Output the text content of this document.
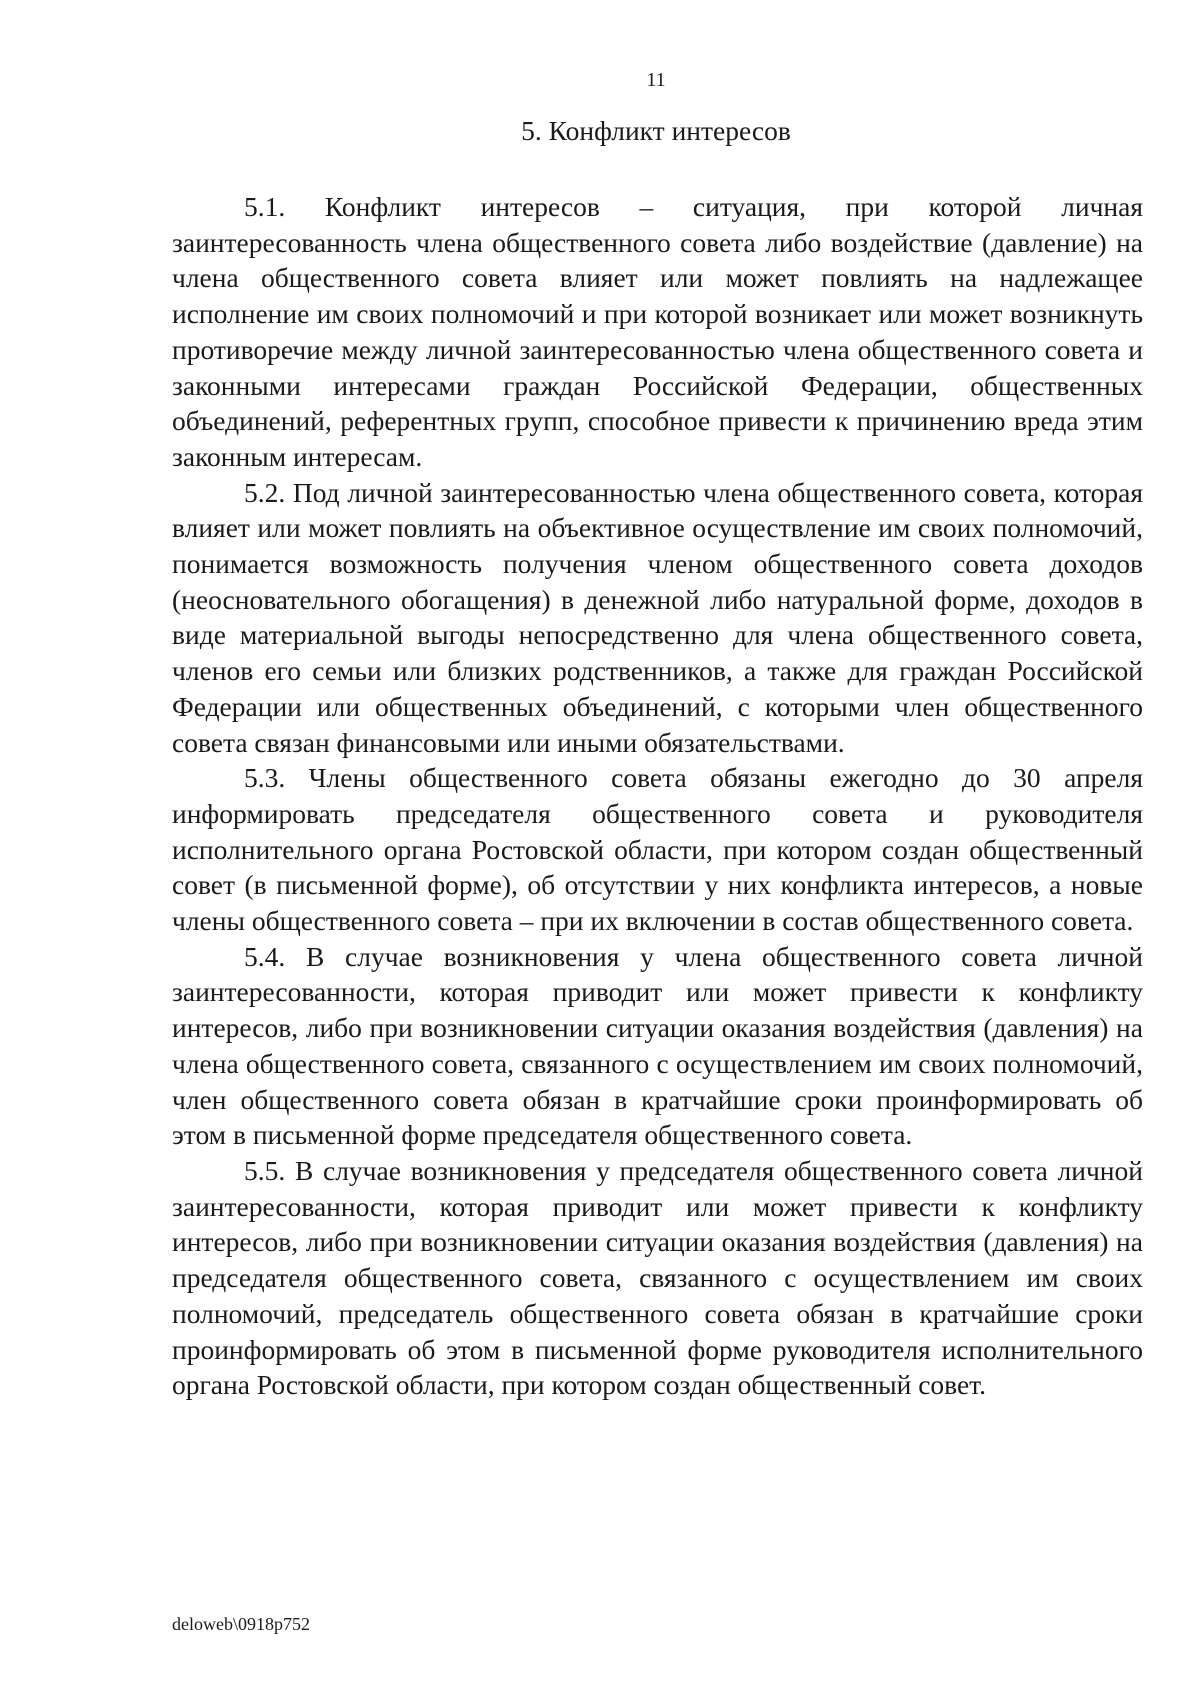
11
5. Конфликт интересов

5.1. Конфликт интересов – ситуация, при которой личная заинтересованность члена общественного совета либо воздействие (давление) на члена общественного совета влияет или может повлиять на надлежащее исполнение им своих полномочий и при которой возникает или может возникнуть противоречие между личной заинтересованностью члена общественного совета и законными интересами граждан Российской Федерации, общественных объединений, референтных групп, способное привести к причинению вреда этим законным интересам.

5.2. Под личной заинтересованностью члена общественного совета, которая влияет или может повлиять на объективное осуществление им своих полномочий, понимается возможность получения членом общественного совета доходов (неосновательного обогащения) в денежной либо натуральной форме, доходов в виде материальной выгоды непосредственно для члена общественного совета, членов его семьи или близких родственников, а также для граждан Российской Федерации или общественных объединений, с которыми член общественного совета связан финансовыми или иными обязательствами.

5.3. Члены общественного совета обязаны ежегодно до 30 апреля информировать председателя общественного совета и руководителя исполнительного органа Ростовской области, при котором создан общественный совет (в письменной форме), об отсутствии у них конфликта интересов, а новые члены общественного совета – при их включении в состав общественного совета.

5.4. В случае возникновения у члена общественного совета личной заинтересованности, которая приводит или может привести к конфликту интересов, либо при возникновении ситуации оказания воздействия (давления) на члена общественного совета, связанного с осуществлением им своих полномочий, член общественного совета обязан в кратчайшие сроки проинформировать об этом в письменной форме председателя общественного совета.

5.5. В случае возникновения у председателя общественного совета личной заинтересованности, которая приводит или может привести к конфликту интересов, либо при возникновении ситуации оказания воздействия (давления) на председателя общественного совета, связанного с осуществлением им своих полномочий, председатель общественного совета обязан в кратчайшие сроки проинформировать об этом в письменной форме руководителя исполнительного органа Ростовской области, при котором создан общественный совет.

deloweb\0918p752
